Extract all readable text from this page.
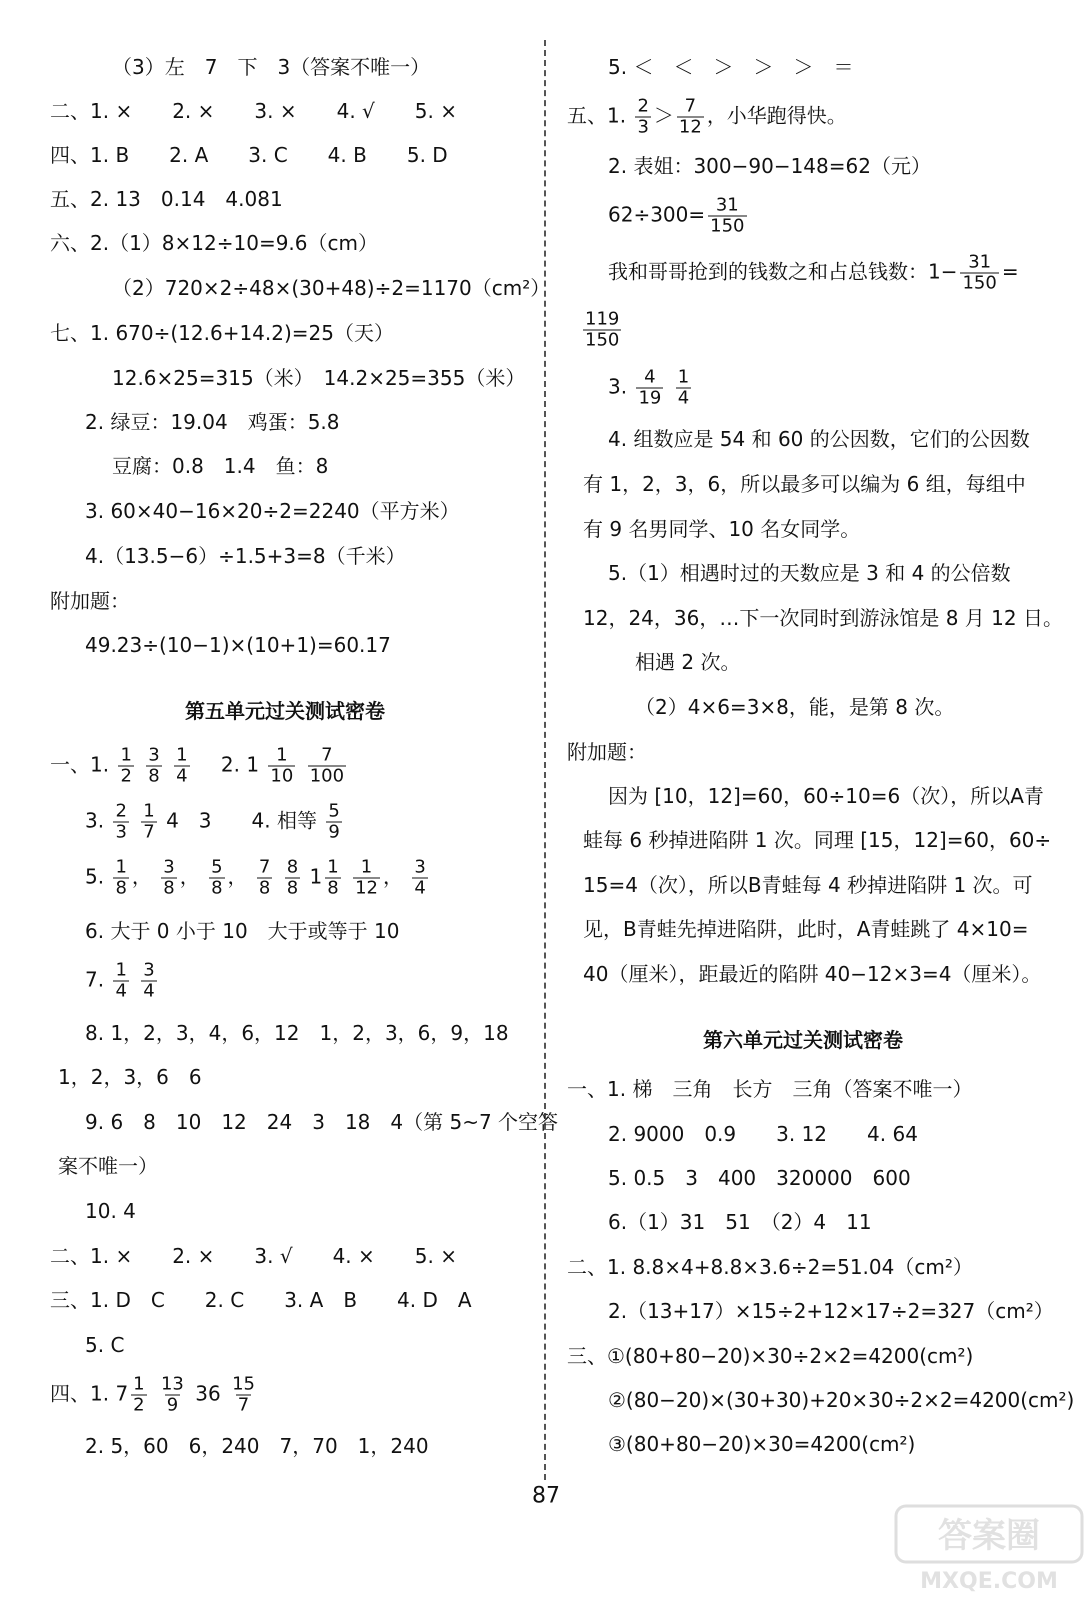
（3）左　7　下　3（答案不唯一）
二、1. ×　　2. ×　　3. ×　　4. √　　5. ×
四、1. B　　2. A　　3. C　　4. B　　5. D
五、2. 13　0.14　4.081
六、2.（1）8×12÷10=9.6（cm）
（2）720×2÷48×(30+48)÷2=1170（cm²）
七、1. 670÷(12.6+14.2)=25（天）
12.6×25=315（米）　14.2×25=355（米）
2. 绿豆：19.04　鸡蛋：5.8
豆腐：0.8　1.4　鱼：8
3. 60×40−16×20÷2=2240（平方米）
4.（13.5−6）÷1.5+3=8（千米）
附加题：
49.23÷(10−1)×(10+1)=60.17
第五单元过关测试密卷
一、1. $\frac{1}{2}$
$\frac{3}{8}$
$\frac{1}{4} 2$. $1 \frac{1}{10}$
$\frac{7}{100}$
3. $\frac{2}{3}$
$\frac{1}{7} 4$　3　　4. 相等 $\frac{5}{9}$
5. $\frac{1}{8}$ ， $\frac{3}{8}$ ， $\frac{5}{8}$ ， $\frac{7}{8}$
$\frac{8}{8} 1 \frac{1}{8}$
$\frac{1}{12}$ ， $\frac{3}{4}$
6. 大于 0 小于 10　大于或等于 10
7. $\frac{1}{4}$
$\frac{3}{4}$
8. 1，2，3，4，6，12　1，2，3，6，9，18
1，2，3，6　6
9. 6　8　10　12　24　3　18　4（第 5~7 个空答
案不唯一）
10. 4
二、1. ×　　2. ×　　3. √　　4. ×　　5. ×
三、1. D　C　　2. C　　3. A　B　　4. D　A
5. C
四、1. $7 \frac{1}{2}$
$\frac{13}{9} 36 \frac{15}{7}$
2. 5，60　6，240　7，70　1，240
5. ＜　＜　＞　＞　＞　＝
五、1. $\frac{2}{3} > \frac{7}{12}$ ，小华跑得快。
2. 表姐：300−90−148=62（元）
$62\div 300= \frac{31}{150}$
我和哥哥抢到的钱数之和占总钱数：$1- \frac{31}{150}$ =
$\frac{119}{150}$
3. $\frac{4}{19}$
$\frac{1}{4}$
4. 组数应是 54 和 60 的公因数，它们的公因数
有 1，2，3，6，所以最多可以编为 6 组，每组中
有 9 名男同学、10 名女同学。
5.（1）相遇时过的天数应是 3 和 4 的公倍数
12，24，36，…下一次同时到游泳馆是 8 月 12 日。
相遇 2 次。
（2）4×6=3×8，能，是第 8 次。
附加题：
因为 [10，12]=60，60÷10=6（次），所以A青
蛙每 6 秒掉进陷阱 1 次。同理 [15，12]=60，60÷
15=4（次），所以B青蛙每 4 秒掉进陷阱 1 次。可
见，B青蛙先掉进陷阱，此时，A青蛙跳了 4×10=
40（厘米），距最近的陷阱 40−12×3=4（厘米）。
第六单元过关测试密卷
一、1. 梯　三角　长方　三角（答案不唯一）
2. 9000　0.9　　3. 12　　4. 64
5. 0.5　3　400　320000　600
6.（1）31　51　（2）4　11
二、1. 8.8×4+8.8×3.6÷2=51.04（cm²）
2.（13+17）×15÷2+12×17÷2=327（cm²）
三、①(80+80−20)×30÷2×2=4200(cm²)
②(80−20)×(30+30)+20×30÷2×2=4200(cm²)
③(80+80−20)×30=4200(cm²)
87
答案圈
MXQE.COM
